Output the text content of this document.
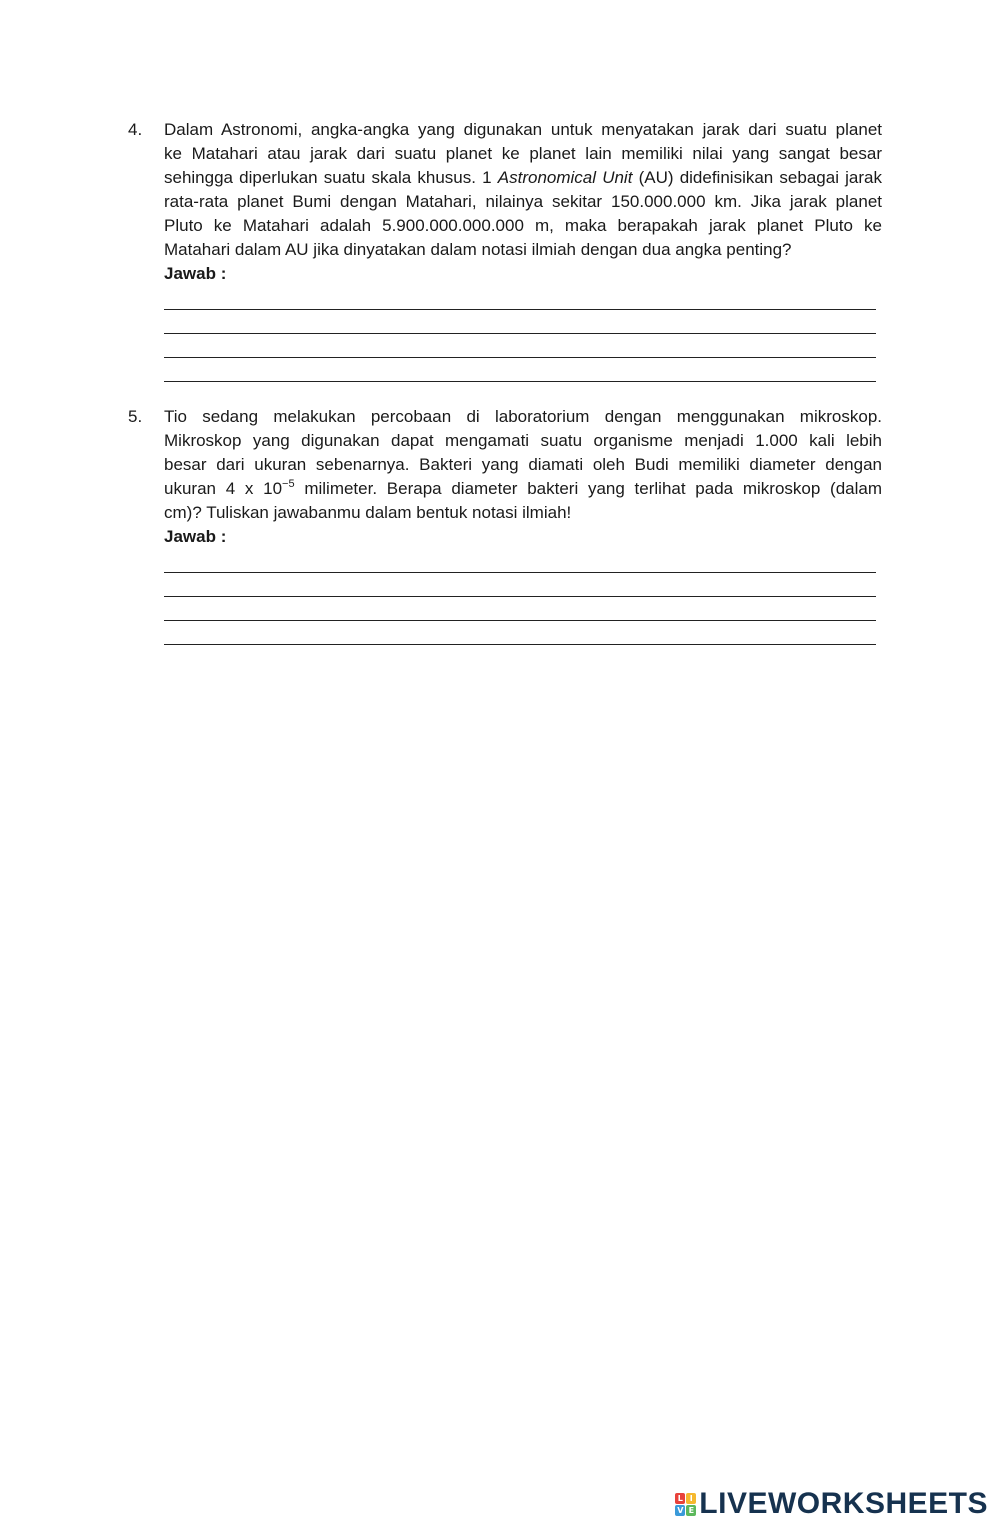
4. Dalam Astronomi, angka-angka yang digunakan untuk menyatakan jarak dari suatu planet
ke Matahari atau jarak dari suatu planet ke planet lain memiliki nilai yang sangat besar
sehingga diperlukan suatu skala khusus. 1 Astronomical Unit (AU) didefinisikan sebagai jarak
rata-rata planet Bumi dengan Matahari, nilainya sekitar 150.000.000 km. Jika jarak planet
Pluto ke Matahari adalah 5.900.000.000.000 m, maka berapakah jarak planet Pluto ke
Matahari dalam AU jika dinyatakan dalam notasi ilmiah dengan dua angka penting?
Jawab :
5. Tio sedang melakukan percobaan di laboratorium dengan menggunakan mikroskop.
Mikroskop yang digunakan dapat mengamati suatu organisme menjadi 1.000 kali lebih
besar dari ukuran sebenarnya. Bakteri yang diamati oleh Budi memiliki diameter dengan
ukuran 4 x $10^{-5}$ milimeter. Berapa diameter bakteri yang terlihat pada mikroskop (dalam
cm)? Tuliskan jawabanmu dalam bentuk notasi ilmiah!
Jawab :
L I
V E LIVEWORKSHEETS
